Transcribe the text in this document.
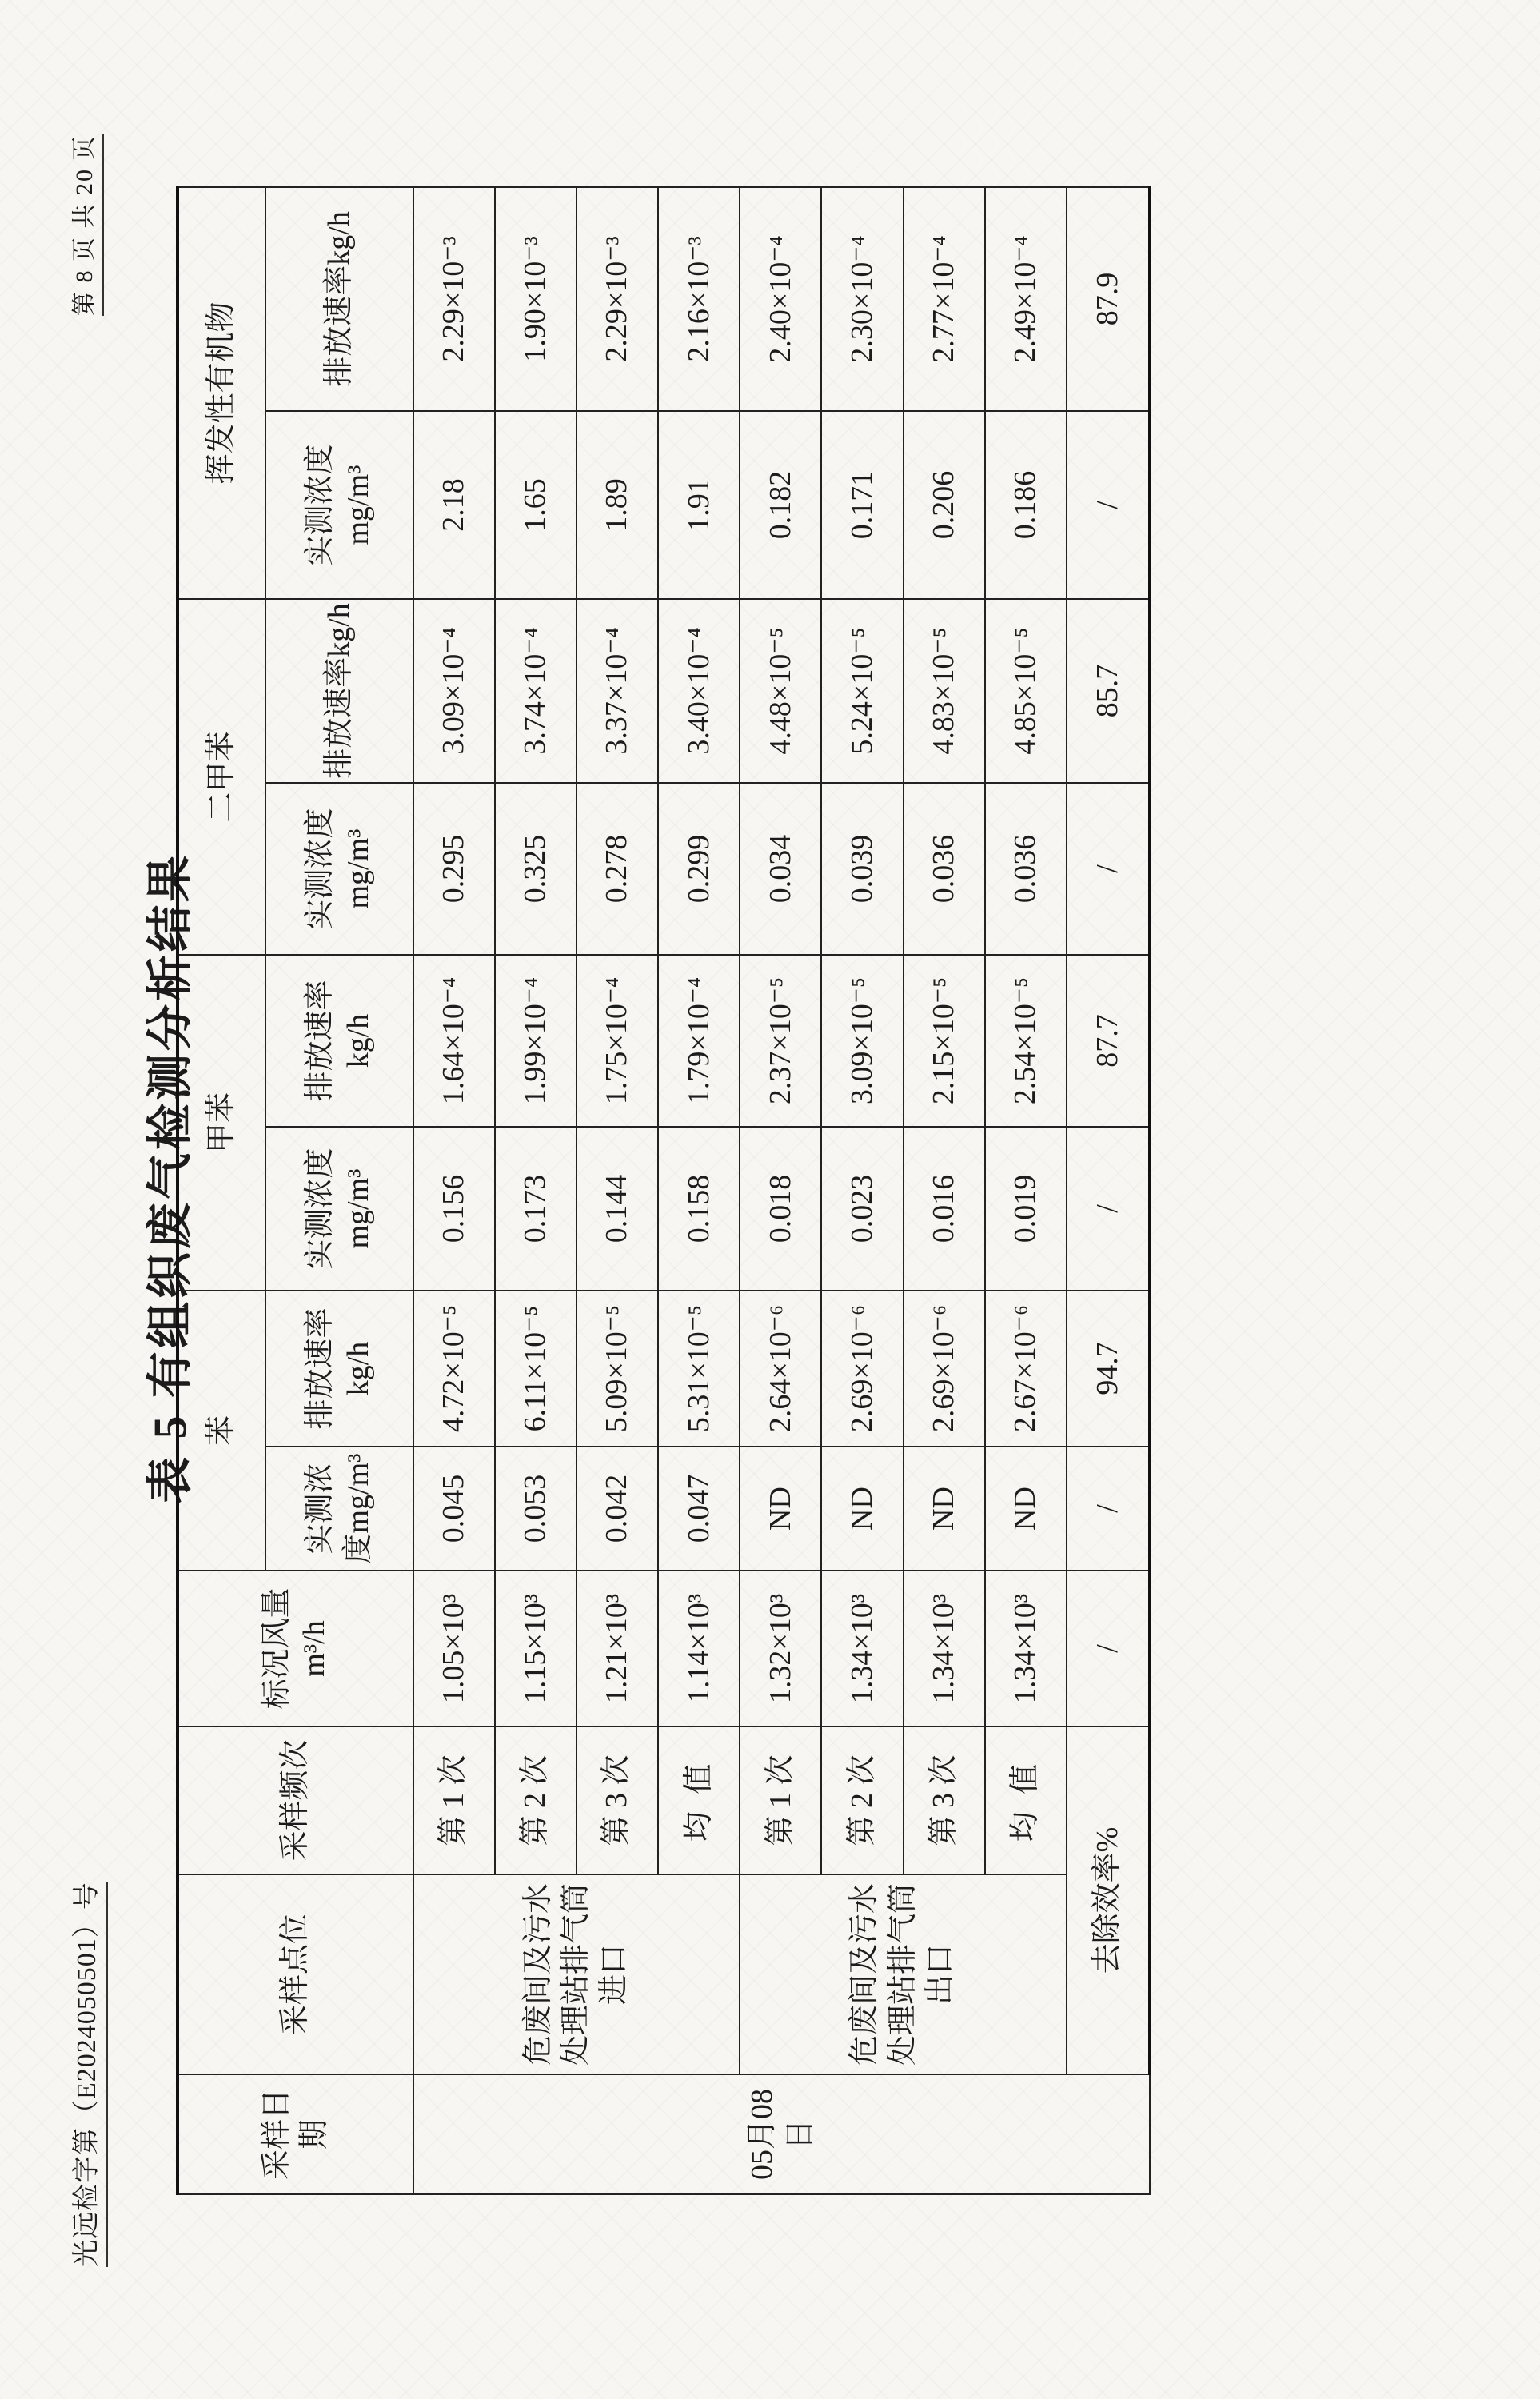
光远检字第（E2024050501）号
第 8 页 共 20 页
表 5 有组织废气检测分析结果
采样日期	采样点位	采样频次	标况风量m³/h	苯		甲苯		二甲苯		挥发性有机物	
				实测浓度mg/m³	排放速率kg/h	实测浓度mg/m³	排放速率kg/h	实测浓度mg/m³	排放速率kg/h	实测浓度mg/m³	排放速率kg/h
05月08日	危废间及污水处理站排气筒进口	第 1 次	1.05×10³	0.045	4.72×10⁻⁵	0.156	1.64×10⁻⁴	0.295	3.09×10⁻⁴	2.18	2.29×10⁻³
		第 2 次	1.15×10³	0.053	6.11×10⁻⁵	0.173	1.99×10⁻⁴	0.325	3.74×10⁻⁴	1.65	1.90×10⁻³
		第 3 次	1.21×10³	0.042	5.09×10⁻⁵	0.144	1.75×10⁻⁴	0.278	3.37×10⁻⁴	1.89	2.29×10⁻³
		均 值	1.14×10³	0.047	5.31×10⁻⁵	0.158	1.79×10⁻⁴	0.299	3.40×10⁻⁴	1.91	2.16×10⁻³
	危废间及污水处理站排气筒出口	第 1 次	1.32×10³	ND	2.64×10⁻⁶	0.018	2.37×10⁻⁵	0.034	4.48×10⁻⁵	0.182	2.40×10⁻⁴
		第 2 次	1.34×10³	ND	2.69×10⁻⁶	0.023	3.09×10⁻⁵	0.039	5.24×10⁻⁵	0.171	2.30×10⁻⁴
		第 3 次	1.34×10³	ND	2.69×10⁻⁶	0.016	2.15×10⁻⁵	0.036	4.83×10⁻⁵	0.206	2.77×10⁻⁴
		均 值	1.34×10³	ND	2.67×10⁻⁶	0.019	2.54×10⁻⁵	0.036	4.85×10⁻⁵	0.186	2.49×10⁻⁴
	去除效率%		/	/	94.7	/	87.7	/	85.7	/	87.9
